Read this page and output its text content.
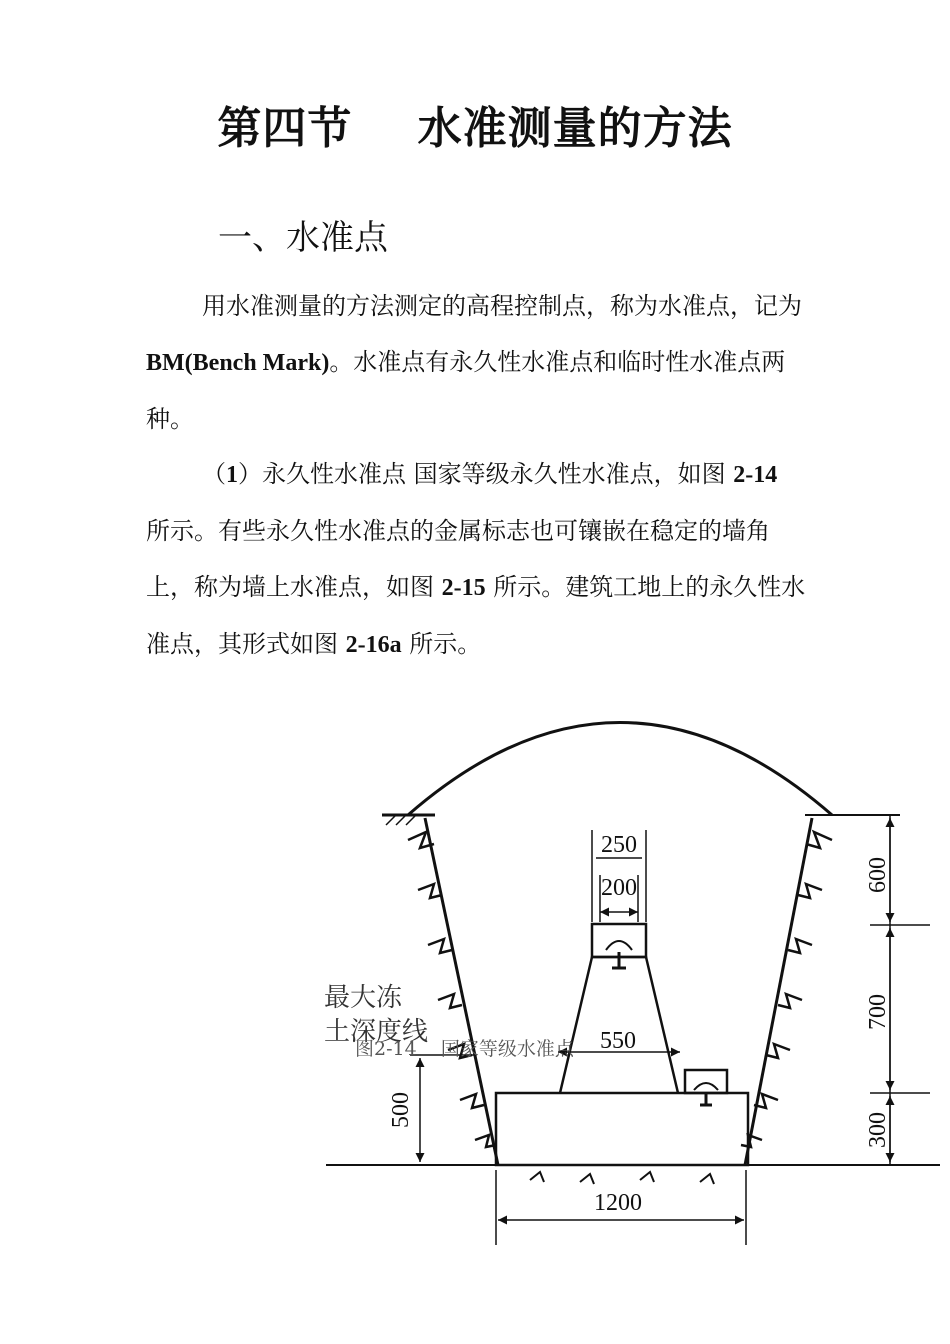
第四节    水准测量的方法
一、水准点
用水准测量的方法测定的高程控制点，称为水准点，记为 BM(Bench Mark)。水准点有永久性水准点和临时性水准点两种。
（1）永久性水准点 国家等级永久性水准点，如图 2-14 所示。有些永久性水准点的金属标志也可镶嵌在稳定的墙角上，称为墙上水准点，如图 2-15 所示。建筑工地上的永久性水准点，其形式如图 2-16a 所示。
250
200
550
1200
600
700
300
500
最大冻
土深度线
图2-14    国家等级水准点
